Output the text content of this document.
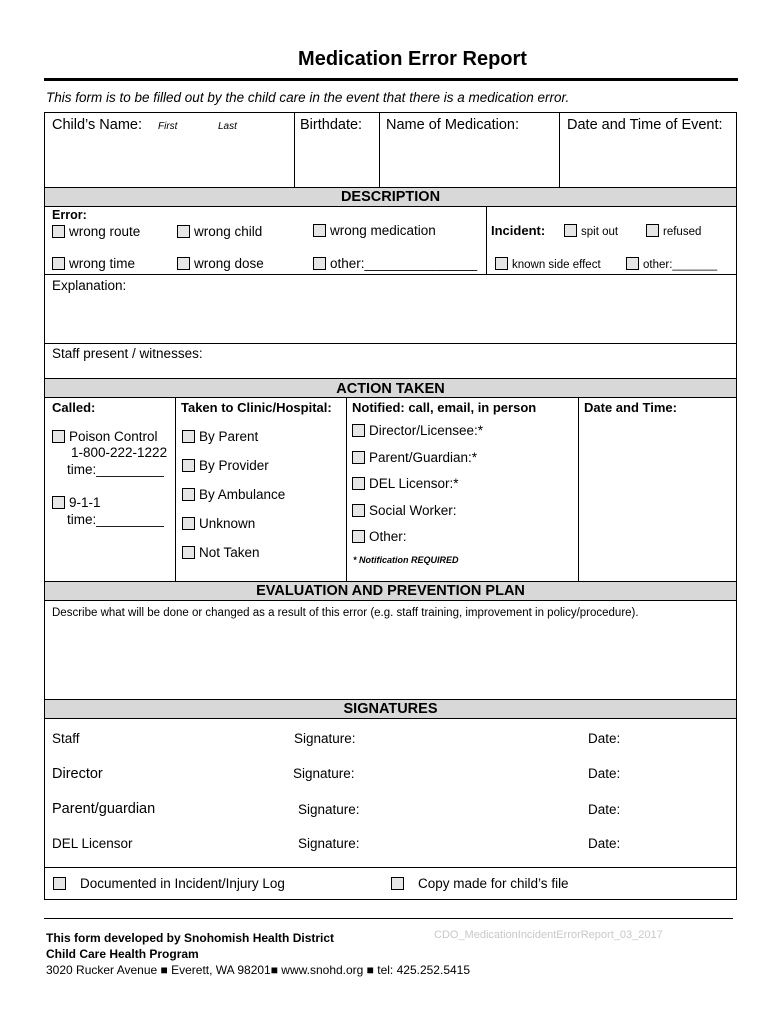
Medication Error Report
This form is to be filled out by the child care in the event that there is a medication error.
Child’s Name: First	Last	Birthdate: Name of Medication:	Date and Time of Event:
DESCRIPTION
Error:
wrong route	wrong child	wrong medication
wrong time	wrong dose	other:_______________
Incident:	spit out	refused
known side effect	other:_______
Explanation:
Staff present / witnesses:
ACTION TAKEN
Called:
Poison Control
1-800-222-1222
time:_________
9-1-1
time:_________
Taken to Clinic/Hospital:
By Parent
By Provider
By Ambulance
Unknown
Not Taken
Notified: call, email, in person
Director/Licensee:*
Parent/Guardian:*
DEL Licensor:*
Social Worker:
Other:
* Notification REQUIRED
Date and Time:
EVALUATION AND PREVENTION PLAN
Describe what will be done or changed as a result of this error (e.g. staff training, improvement in policy/procedure).
SIGNATURES
Staff	Signature:	Date:
Director	Signature:	Date:
Parent/guardian	Signature:	Date:
DEL Licensor	Signature:	Date:
Documented in Incident/Injury Log	Copy made for child’s file
CDO_MedicationIncidentErrorReport_03_2017
This form developed by Snohomish Health District
Child Care Health Program
3020 Rucker Avenue ■ Everett, WA 98201■ www.snohd.org ■ tel: 425.252.5415
